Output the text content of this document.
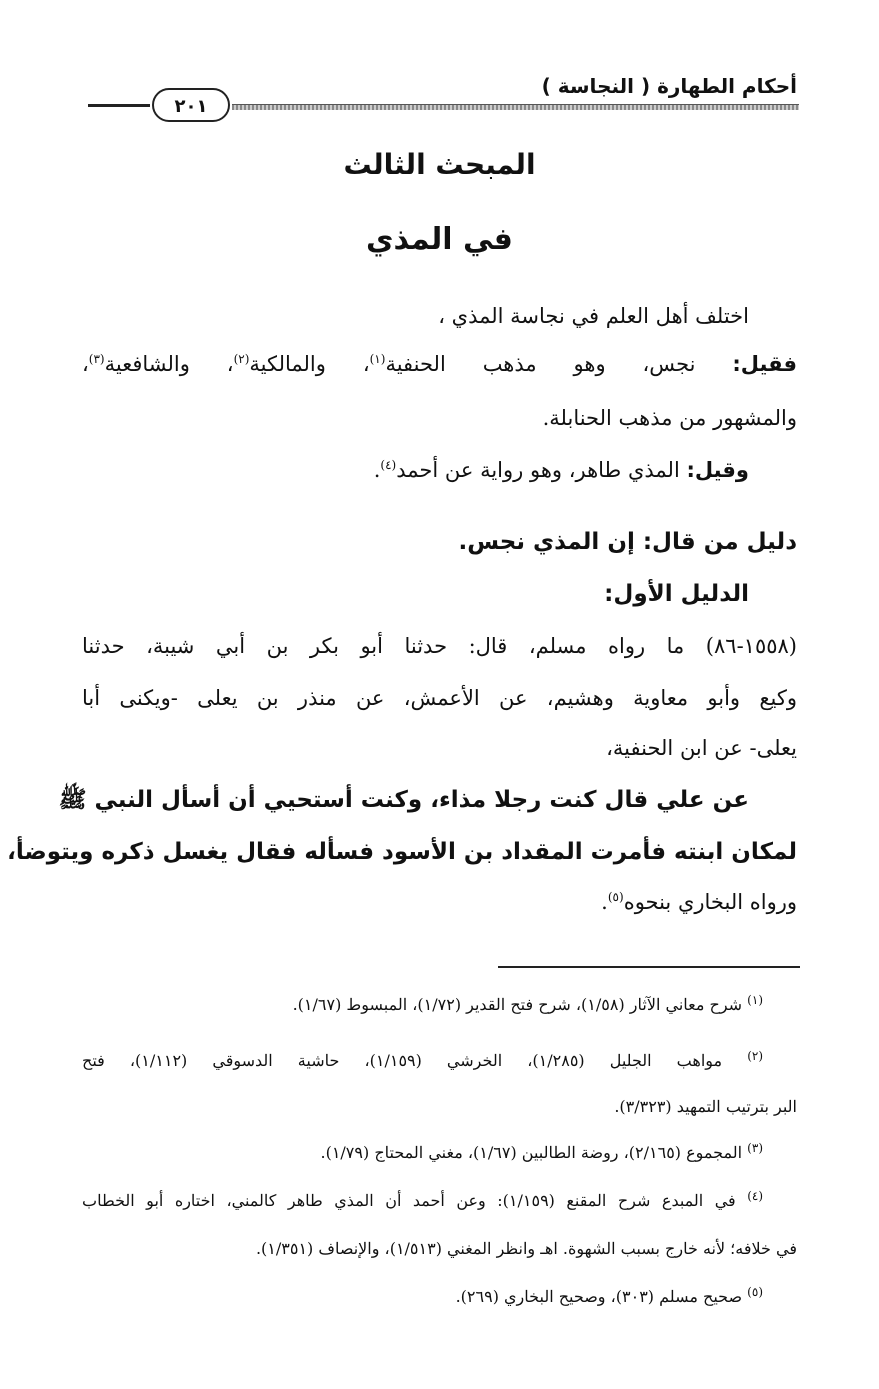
أحكام الطهارة ( النجاسة )
٢٠١
المبحث الثالث
في المذي
اختلف أهل العلم في نجاسة المذي ،
فقيل: نجس، وهو مذهب الحنفية$^{(١)}$، والمالكية$^{(٢)}$، والشافعية$^{(٣)}$،
والمشهور من مذهب الحنابلة.
وقيل: المذي طاهر، وهو رواية عن أحمد$^{(٤)}$.
دليل من قال: إن المذي نجس.
الدليل الأول:
(١٥٥٨-٨٦) ما رواه مسلم، قال: حدثنا أبو بكر بن أبي شيبة، حدثنا
وكيع وأبو معاوية وهشيم، عن الأعمش، عن منذر بن يعلى -ويكنى أبا
يعلى- عن ابن الحنفية،
عن علي قال كنت رجلا مذاء، وكنت أستحيي أن أسأل النبي ﷺ
لمكان ابنته فأمرت المقداد بن الأسود فسأله فقال يغسل ذكره ويتوضأ،
ورواه البخاري بنحوه$^{(٥)}$.
$^{(١)}$ شرح معاني الآثار (١/٥٨)، شرح فتح القدير (١/٧٢)، المبسوط (١/٦٧).
$^{(٢)}$ مواهب الجليل (١/٢٨٥)، الخرشي (١/١٥٩)، حاشية الدسوقي (١/١١٢)، فتح
البر بترتيب التمهيد (٣/٣٢٣).
$^{(٣)}$ المجموع (٢/١٦٥)، روضة الطالبين (١/٦٧)، مغني المحتاج (١/٧٩).
$^{(٤)}$ في المبدع شرح المقنع (١/١٥٩): وعن أحمد أن المذي طاهر كالمني، اختاره أبو الخطاب
في خلافه؛ لأنه خارج بسبب الشهوة. اهـ وانظر المغني (١/٥١٣)، والإنصاف (١/٣٥١).
$^{(٥)}$ صحيح مسلم (٣٠٣)، وصحيح البخاري (٢٦٩).
